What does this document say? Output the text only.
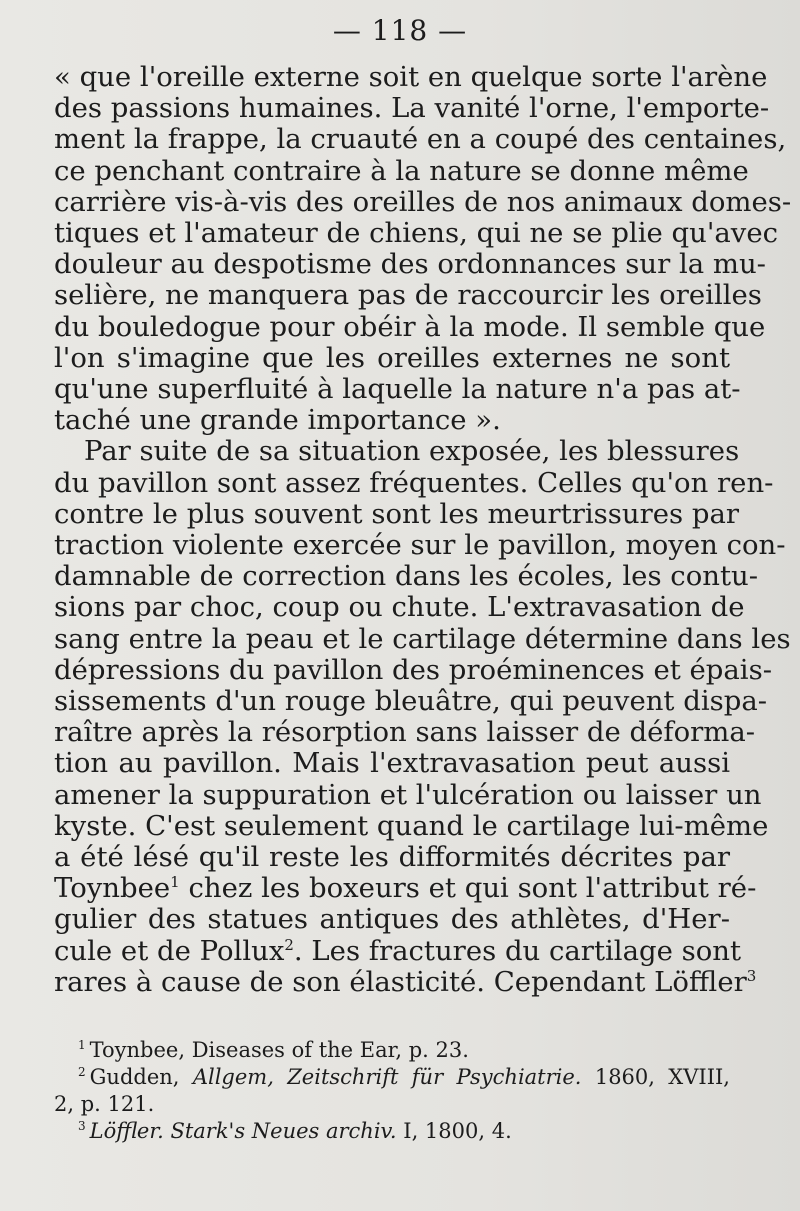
— 118 —
« que l'oreille externe soit en quelque sorte l'arène
des passions humaines. La vanité l'orne, l'emporte-
ment la frappe, la cruauté en a coupé des centaines,
ce penchant contraire à la nature se donne même
carrière vis-à-vis des oreilles de nos animaux domes-
tiques et l'amateur de chiens, qui ne se plie qu'avec
douleur au despotisme des ordonnances sur la mu-
selière, ne manquera pas de raccourcir les oreilles
du bouledogue pour obéir à la mode. Il semble que
l'on s'imagine que les oreilles externes ne sont
qu'une superfluité à laquelle la nature n'a pas at-
taché une grande importance ».
Par suite de sa situation exposée, les blessures
du pavillon sont assez fréquentes. Celles qu'on ren-
contre le plus souvent sont les meurtrissures par
traction violente exercée sur le pavillon, moyen con-
damnable de correction dans les écoles, les contu-
sions par choc, coup ou chute. L'extravasation de
sang entre la peau et le cartilage détermine dans les
dépressions du pavillon des proéminences et épais-
sissements d'un rouge bleuâtre, qui peuvent dispa-
raître après la résorption sans laisser de déforma-
tion au pavillon. Mais l'extravasation peut aussi
amener la suppuration et l'ulcération ou laisser un
kyste. C'est seulement quand le cartilage lui-même
a été lésé qu'il reste les difformités décrites par
Toynbee$^1$ chez les boxeurs et qui sont l'attribut ré-
gulier des statues antiques des athlètes, d'Her-
cule et de Pollux$^2$. Les fractures du cartilage sont
rares à cause de son élasticité. Cependant Löffler$^3$
$^1$ Toynbee, Diseases of the Ear, p. 23.
$^2$ Gudden, Allgem, Zeitschrift für Psychiatrie. 1860, XVIII,
2, p. 121.
$^3$ Löffler. Stark's Neues archiv. I, 1800, 4.
